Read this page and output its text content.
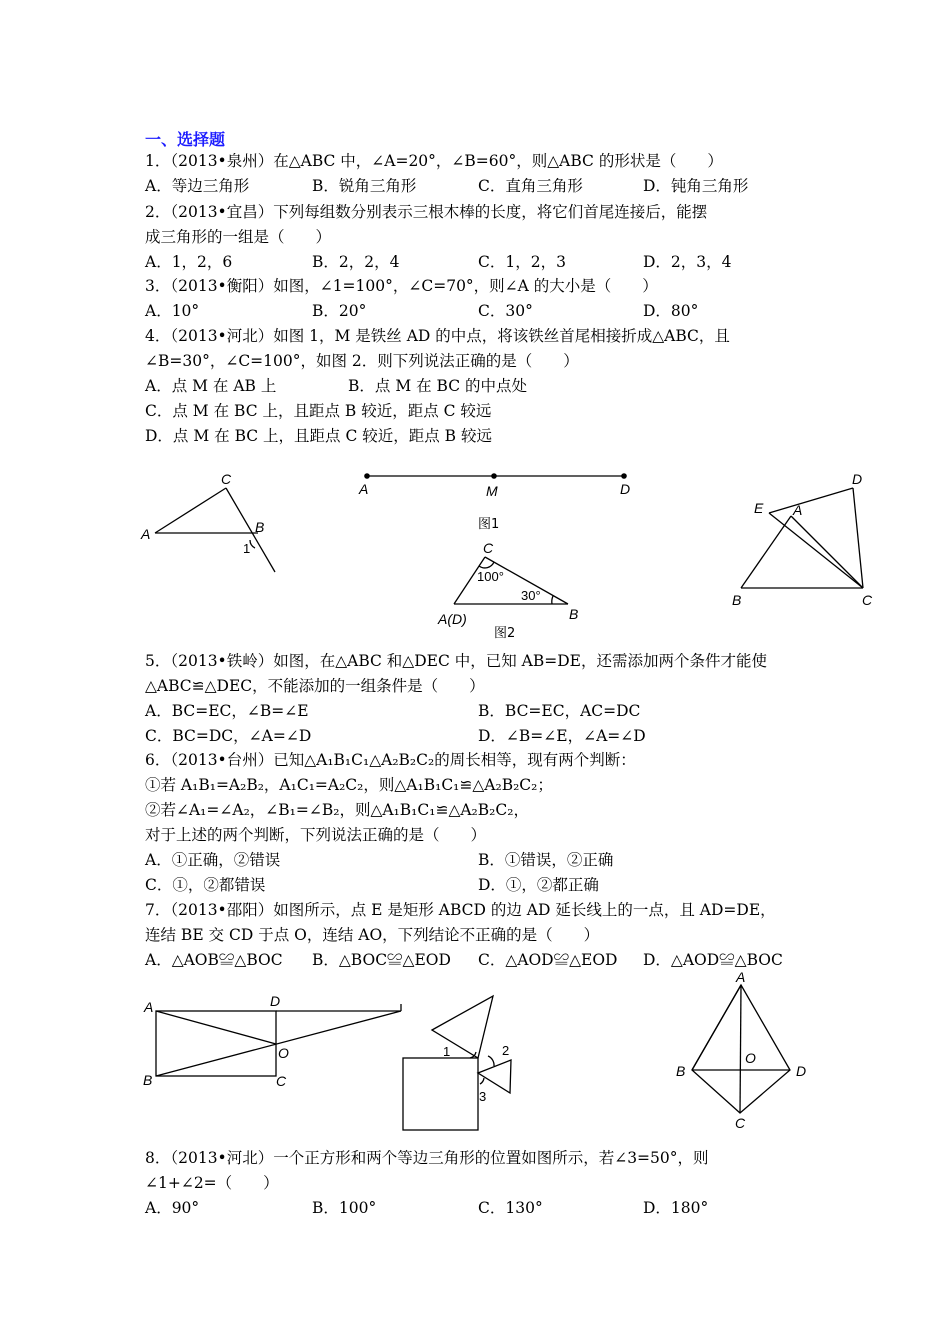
一、选择题
1．（2013•泉州）在△ABC 中，∠A=20°，∠B=60°，则△ABC 的形状是（　　）
A．等边三角形	B．锐角三角形	C．直角三角形	D．钝角三角形
2．（2013•宜昌）下列每组数分别表示三根木棒的长度，将它们首尾连接后，能摆
成三角形的一组是（　　）
A．1，2，6	B．2，2，4	C．1，2，3	D．2，3，4
3．（2013•衡阳）如图，∠1=100°，∠C=70°，则∠A 的大小是（　　）
A．10°	B．20°	C．30°	D．80°
4．（2013•河北）如图 1，M 是铁丝 AD 的中点，将该铁丝首尾相接折成△ABC，且
∠B=30°，∠C=100°，如图 2．则下列说法正确的是（　　）
A．点 M 在 AB 上	B．点 M 在 BC 的中点处
C．点 M 在 BC 上，且距点 B 较近，距点 C 较远
D．点 M 在 BC 上，且距点 C 较近，距点 B 较远
C
A	B
1
A	M	D
图1
C
100°
30°
A(D)	B
图2
D
E A
B	C
A	D
O
B	C
1	2
3
A
B
O
D
C
5．（2013•铁岭）如图，在△ABC 和△DEC 中，已知 AB=DE，还需添加两个条件才能使
△ABC≌△DEC，不能添加的一组条件是（　　）
A．BC=EC，∠B=∠E	B．BC=EC，AC=DC
C．BC=DC，∠A=∠D	D．∠B=∠E，∠A=∠D
6．（2013•台州）已知△A₁B₁C₁△A₂B₂C₂的周长相等，现有两个判断：
①若 A₁B₁=A₂B₂，A₁C₁=A₂C₂，则△A₁B₁C₁≌△A₂B₂C₂；
②若∠A₁=∠A₂，∠B₁=∠B₂，则△A₁B₁C₁≌△A₂B₂C₂，
对于上述的两个判断，下列说法正确的是（　　）
A．①正确，②错误	B．①错误，②正确
C．①，②都错误	D．①，②都正确
7．（2013•邵阳）如图所示，点 E 是矩形 ABCD 的边 AD 延长线上的一点，且 AD=DE，
连结 BE 交 CD 于点 O，连结 AO，下列结论不正确的是（　　）
A．△AOB≌△BOC B．△BOC≌△EOD C．△AOD≌△EOD D．△AOD≌△BOC
8．（2013•河北）一个正方形和两个等边三角形的位置如图所示，若∠3=50°，则
∠1+∠2=（　　）
A．90°	B．100°	C．130°	D．180°
